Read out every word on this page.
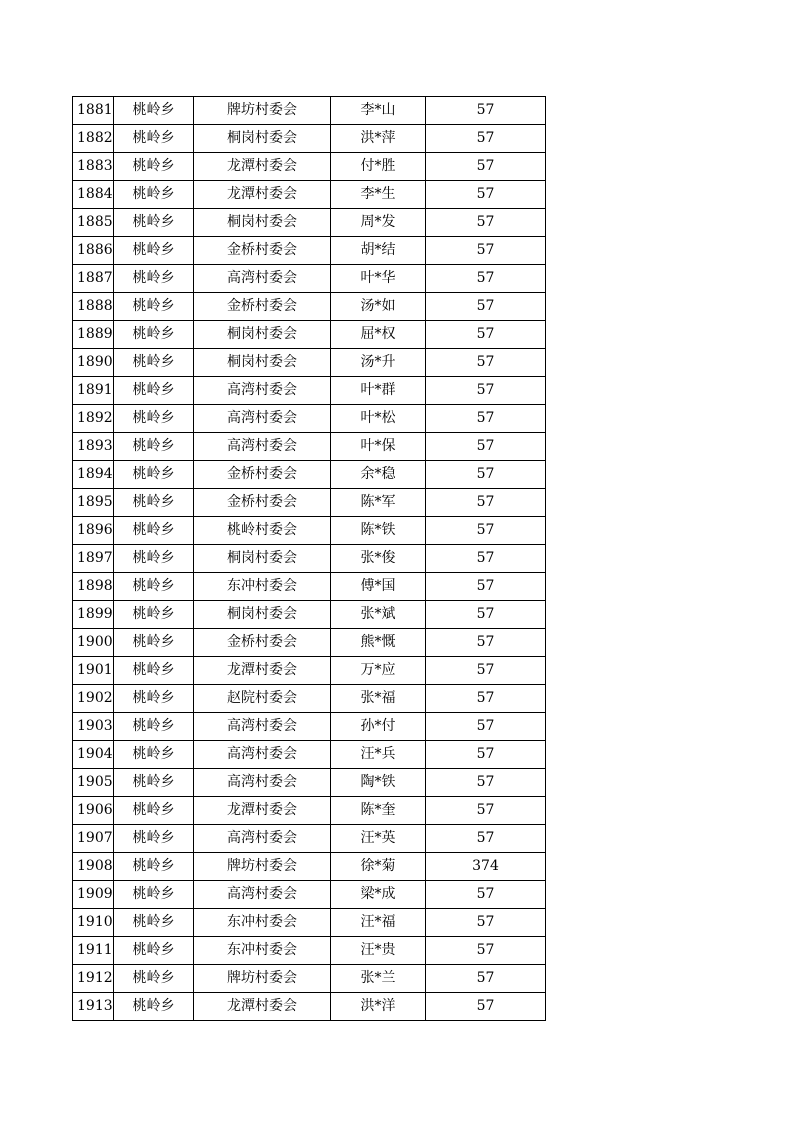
1881	桃岭乡	牌坊村委会	李*山	57
1882	桃岭乡	桐岗村委会	洪*萍	57
1883	桃岭乡	龙潭村委会	付*胜	57
1884	桃岭乡	龙潭村委会	李*生	57
1885	桃岭乡	桐岗村委会	周*发	57
1886	桃岭乡	金桥村委会	胡*结	57
1887	桃岭乡	高湾村委会	叶*华	57
1888	桃岭乡	金桥村委会	汤*如	57
1889	桃岭乡	桐岗村委会	屈*权	57
1890	桃岭乡	桐岗村委会	汤*升	57
1891	桃岭乡	高湾村委会	叶*群	57
1892	桃岭乡	高湾村委会	叶*松	57
1893	桃岭乡	高湾村委会	叶*保	57
1894	桃岭乡	金桥村委会	余*稳	57
1895	桃岭乡	金桥村委会	陈*军	57
1896	桃岭乡	桃岭村委会	陈*铁	57
1897	桃岭乡	桐岗村委会	张*俊	57
1898	桃岭乡	东冲村委会	傅*国	57
1899	桃岭乡	桐岗村委会	张*斌	57
1900	桃岭乡	金桥村委会	熊*慨	57
1901	桃岭乡	龙潭村委会	万*应	57
1902	桃岭乡	赵院村委会	张*福	57
1903	桃岭乡	高湾村委会	孙*付	57
1904	桃岭乡	高湾村委会	汪*兵	57
1905	桃岭乡	高湾村委会	陶*铁	57
1906	桃岭乡	龙潭村委会	陈*奎	57
1907	桃岭乡	高湾村委会	汪*英	57
1908	桃岭乡	牌坊村委会	徐*菊	374
1909	桃岭乡	高湾村委会	梁*成	57
1910	桃岭乡	东冲村委会	汪*福	57
1911	桃岭乡	东冲村委会	汪*贵	57
1912	桃岭乡	牌坊村委会	张*兰	57
1913	桃岭乡	龙潭村委会	洪*洋	57
